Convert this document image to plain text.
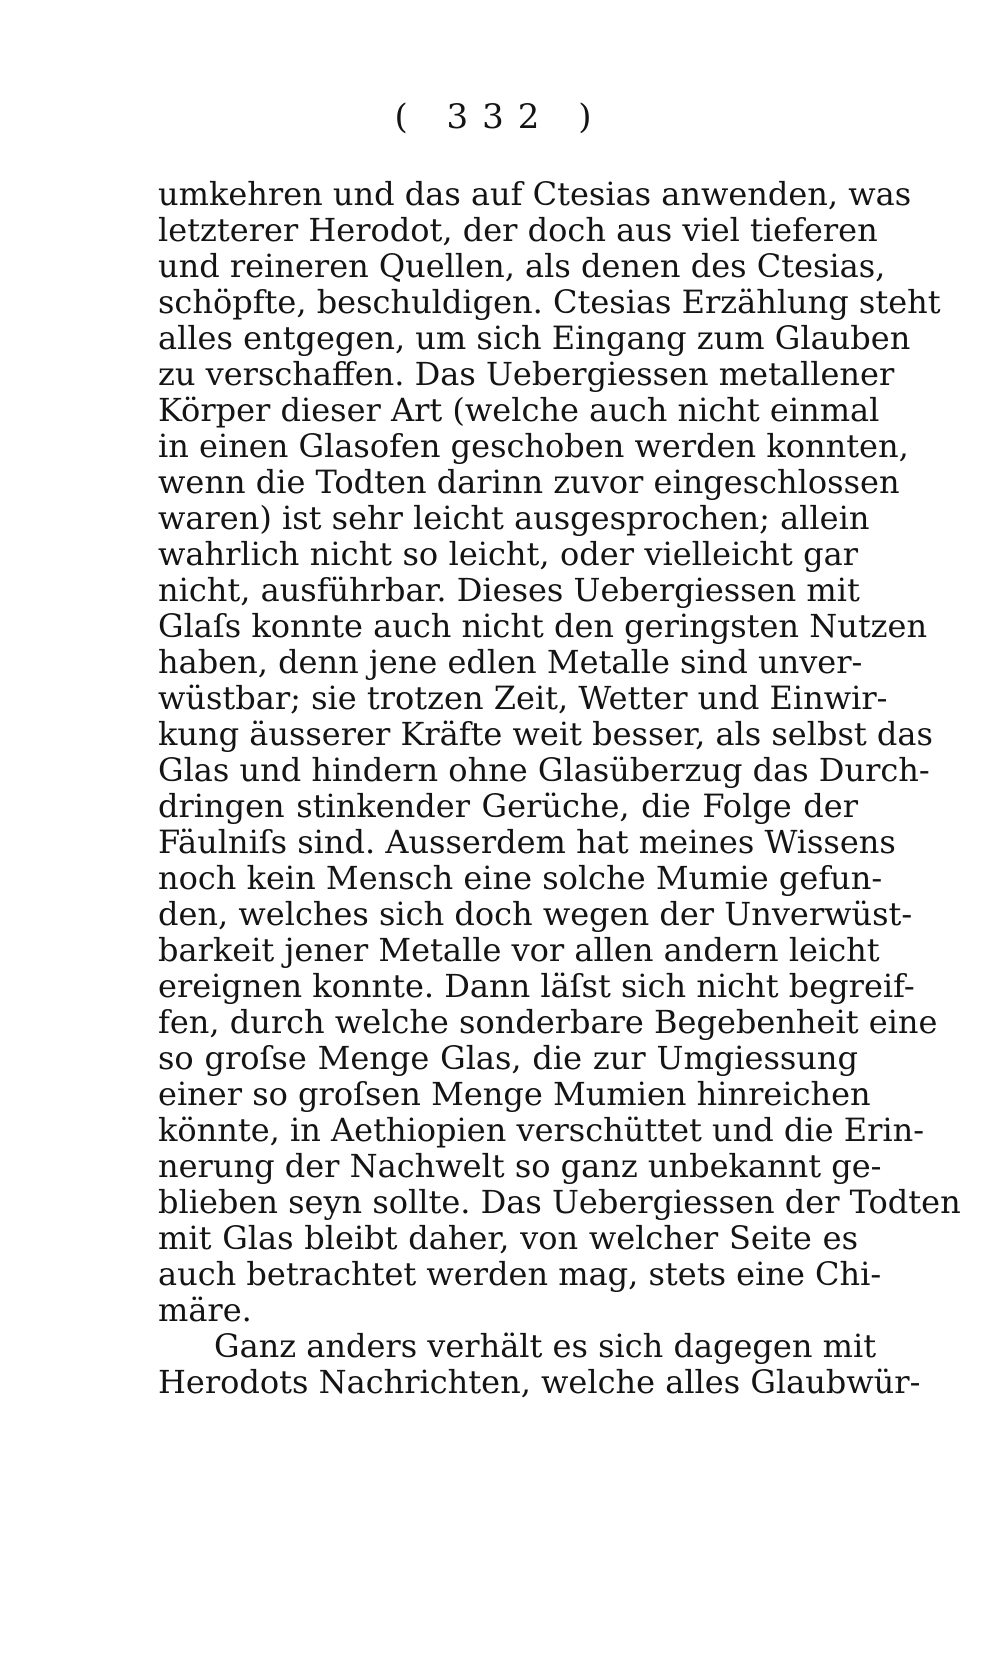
( 332 )
umkehren und das auf Ctesias anwenden, was
letzterer Herodot, der doch aus viel tieferen
und reineren Quellen, als denen des Ctesias,
schöpfte, beschuldigen. Ctesias Erzählung steht
alles entgegen, um sich Eingang zum Glauben
zu verschaffen. Das Uebergiessen metallener
Körper dieser Art (welche auch nicht einmal
in einen Glasofen geschoben werden konnten,
wenn die Todten darinn zuvor eingeschlossen
waren) ist sehr leicht ausgesprochen; allein
wahrlich nicht so leicht, oder vielleicht gar
nicht, ausführbar. Dieses Uebergiessen mit
Glaſs konnte auch nicht den geringsten Nutzen
haben, denn jene edlen Metalle sind unver-
wüstbar; sie trotzen Zeit, Wetter und Einwir-
kung äusserer Kräfte weit besser, als selbst das
Glas und hindern ohne Glasüberzug das Durch-
dringen stinkender Gerüche, die Folge der
Fäulniſs sind. Ausserdem hat meines Wissens
noch kein Mensch eine solche Mumie gefun-
den, welches sich doch wegen der Unverwüst-
barkeit jener Metalle vor allen andern leicht
ereignen konnte. Dann läſst sich nicht begreif-
fen, durch welche sonderbare Begebenheit eine
so groſse Menge Glas, die zur Umgiessung
einer so groſsen Menge Mumien hinreichen
könnte, in Aethiopien verschüttet und die Erin-
nerung der Nachwelt so ganz unbekannt ge-
blieben seyn sollte. Das Uebergiessen der Todten
mit Glas bleibt daher, von welcher Seite es
auch betrachtet werden mag, stets eine Chi-
märe.
Ganz anders verhält es sich dagegen mit
Herodots Nachrichten, welche alles Glaubwür-
